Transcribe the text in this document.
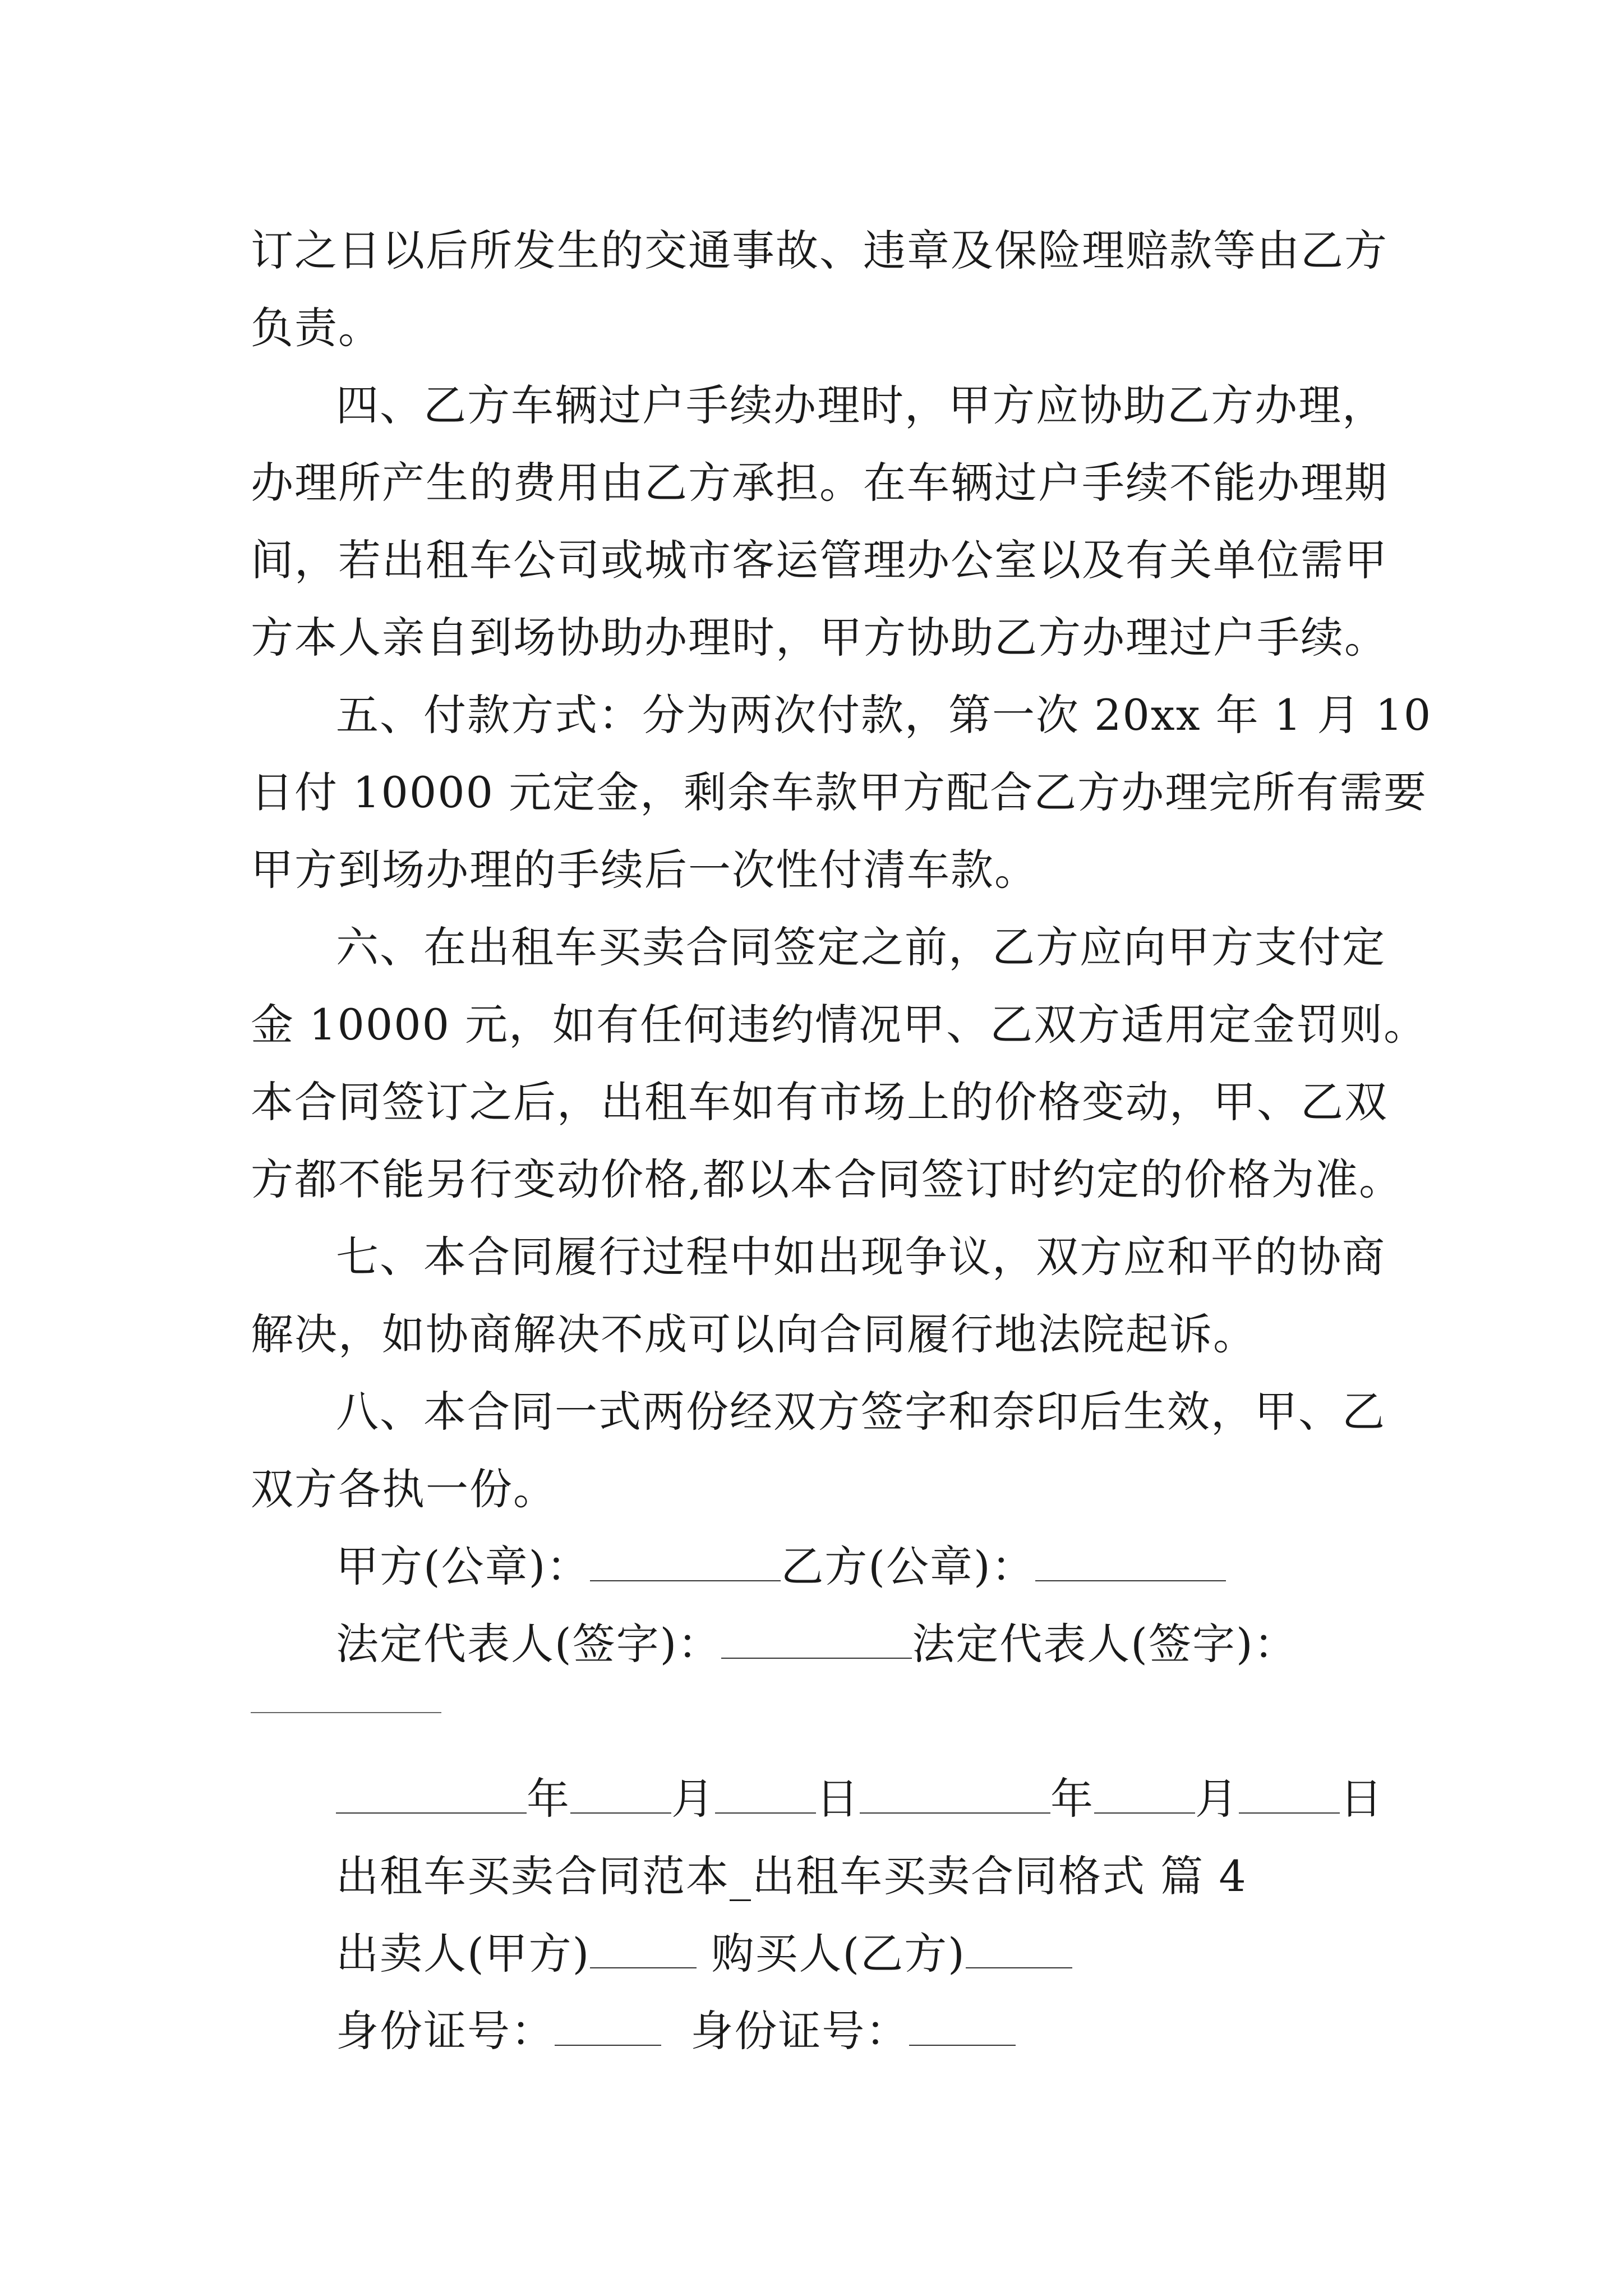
订之日以后所发生的交通事故、违章及保险理赔款等由乙方
负责。
四、乙方车辆过户手续办理时，甲方应协助乙方办理，
办理所产生的费用由乙方承担。在车辆过户手续不能办理期
间，若出租车公司或城市客运管理办公室以及有关单位需甲
方本人亲自到场协助办理时，甲方协助乙方办理过户手续。
五、付款方式：分为两次付款，第一次 20xx 年 1 月 10
日付 10000 元定金，剩余车款甲方配合乙方办理完所有需要
甲方到场办理的手续后一次性付清车款。
六、在出租车买卖合同签定之前，乙方应向甲方支付定
金 10000 元，如有任何违约情况甲、乙双方适用定金罚则。
本合同签订之后，出租车如有市场上的价格变动，甲、乙双
方都不能另行变动价格,都以本合同签订时约定的价格为准。
七、本合同履行过程中如出现争议，双方应和平的协商
解决，如协商解决不成可以向合同履行地法院起诉。
八、本合同一式两份经双方签字和奈印后生效，甲、乙
双方各执一份。
甲方(公章)：	乙方(公章)：
法定代表人(签字)：	法定代表人(签字)：
年 月 日	年 月 日
出租车买卖合同范本_出租车买卖合同格式 篇 4
出卖人(甲方)	购买人(乙方)
身份证号：	身份证号：
